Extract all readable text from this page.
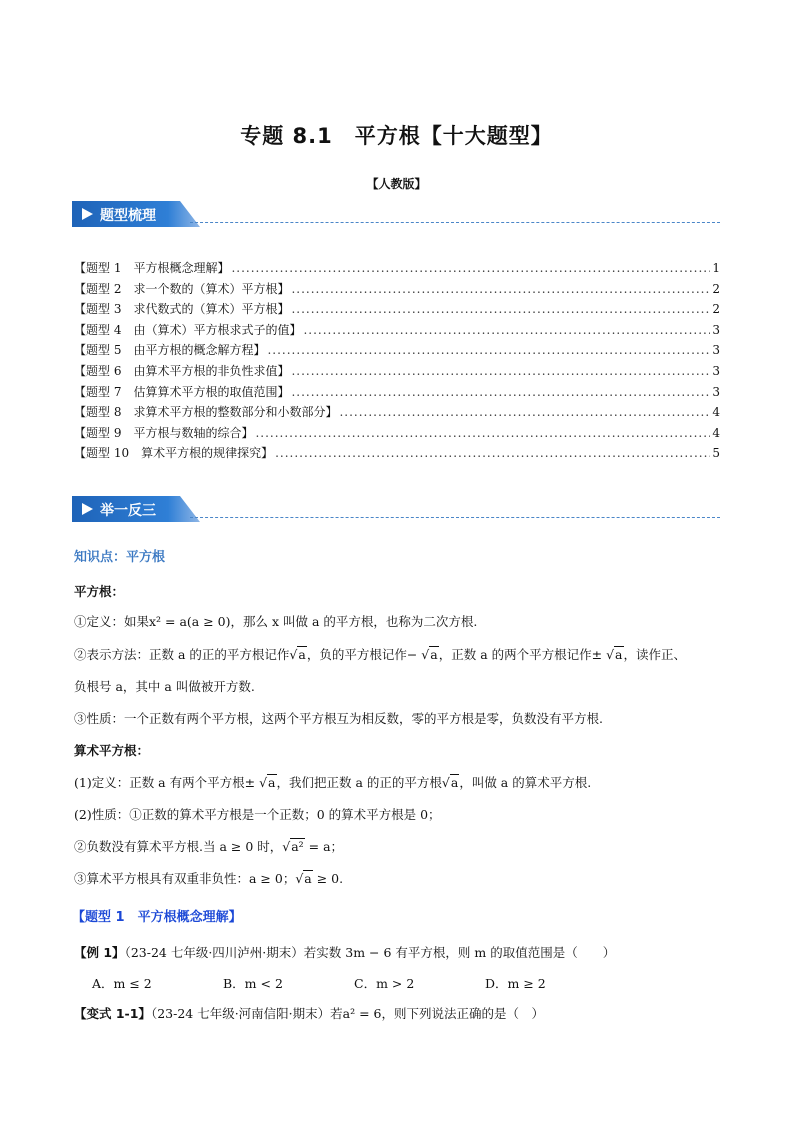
专题 8.1　平方根【十大题型】
【人教版】
题型梳理
【题型 1　平方根概念理解】 .....	1
【题型 2　求一个数的（算术）平方根】 .....	2
【题型 3　求代数式的（算术）平方根】 .....	2
【题型 4　由（算术）平方根求式子的值】 .....	3
【题型 5　由平方根的概念解方程】 .....	3
【题型 6　由算术平方根的非负性求值】 .....	3
【题型 7　估算算术平方根的取值范围】 .....	3
【题型 8　求算术平方根的整数部分和小数部分】 .....	4
【题型 9　平方根与数轴的综合】 .....	4
【题型 10　算术平方根的规律探究】 .....	5
举一反三
知识点：平方根
平方根：
①定义：如果x² = a(a ≥ 0)，那么 x 叫做 a 的平方根，也称为二次方根.
②表示方法：正数 a 的正的平方根记作√a，负的平方根记作− √a，正数 a 的两个平方根记作± √a，读作正、
负根号 a，其中 a 叫做被开方数.
③性质：一个正数有两个平方根，这两个平方根互为相反数，零的平方根是零，负数没有平方根.
算术平方根：
(1)定义：正数 a 有两个平方根± √a，我们把正数 a 的正的平方根√a，叫做 a 的算术平方根.
(2)性质：①正数的算术平方根是一个正数；0 的算术平方根是 0；
②负数没有算术平方根.当 a ≥ 0 时，√a² = a；
③算术平方根具有双重非负性：a ≥ 0；√a ≥ 0.
【题型 1　平方根概念理解】
【例 1】（23-24 七年级·四川泸州·期末）若实数 3m − 6 有平方根，则 m 的取值范围是（　　）
A．m ≤ 2	B．m < 2	C．m > 2	D．m ≥ 2
【变式 1-1】（23-24 七年级·河南信阳·期末）若a² = 6，则下列说法正确的是（　）
